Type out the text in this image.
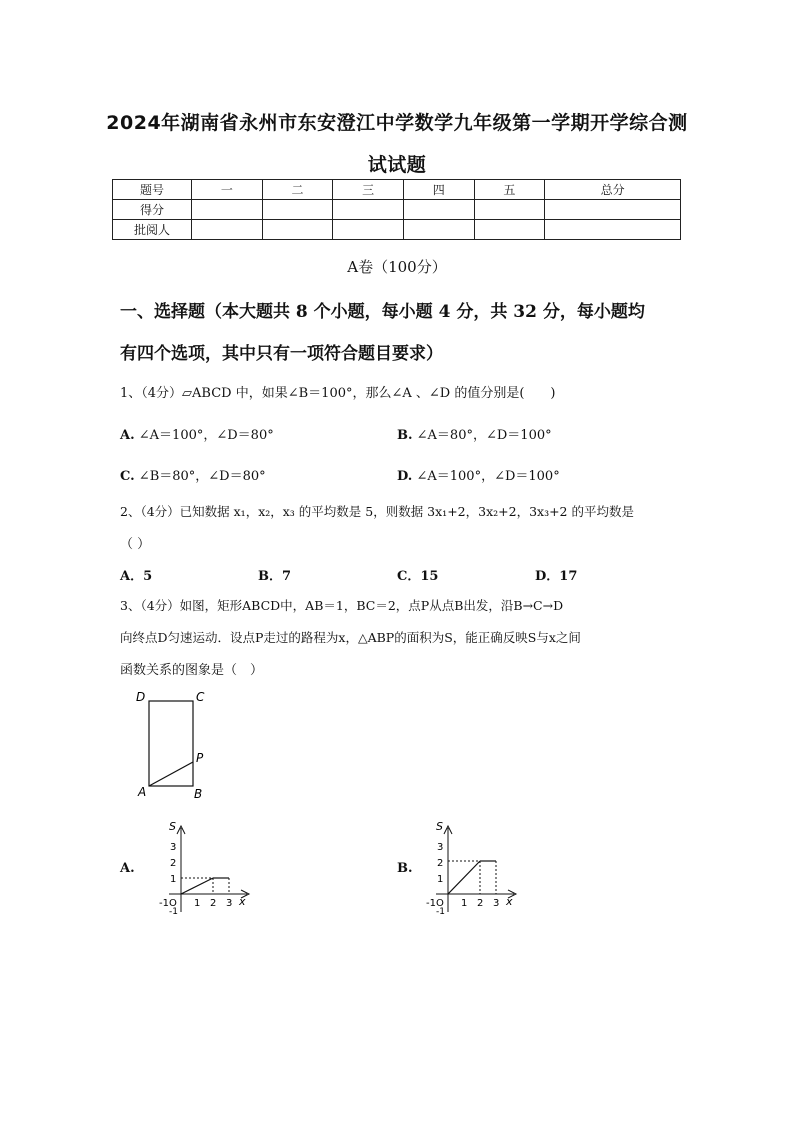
2024年湖南省永州市东安澄江中学数学九年级第一学期开学综合测
试试题
题号	一	二	三	四	五	总分
得分						
批阅人						
A卷（100分）
一、选择题（本大题共 8 个小题，每小题 4 分，共 32 分，每小题均
有四个选项，其中只有一项符合题目要求）
1、（4分）▱ABCD 中，如果∠B＝100°，那么∠A 、∠D 的值分别是(　　)
A. ∠A＝100°，∠D＝80°	B. ∠A＝80°，∠D＝100°
C. ∠B＝80°，∠D＝80°	D. ∠A＝100°，∠D＝100°
2、（4分）已知数据 x₁，x₂，x₃ 的平均数是 5，则数据 3x₁+2，3x₂+2，3x₃+2 的平均数是
（ ）
A．5	B．7	C．15	D．17
3、（4分）如图，矩形ABCD中，AB＝1，BC＝2，点P从点B出发，沿B→C→D
向终点D匀速运动．设点P走过的路程为x，△ABP的面积为S，能正确反映S与x之间
函数关系的图象是（　）
D	C
P
A	B
A.
S
3
2
1
-1O
-1
1 2 3 x
B.
S
3
2
1
-1O
-1
1 2 3 x
